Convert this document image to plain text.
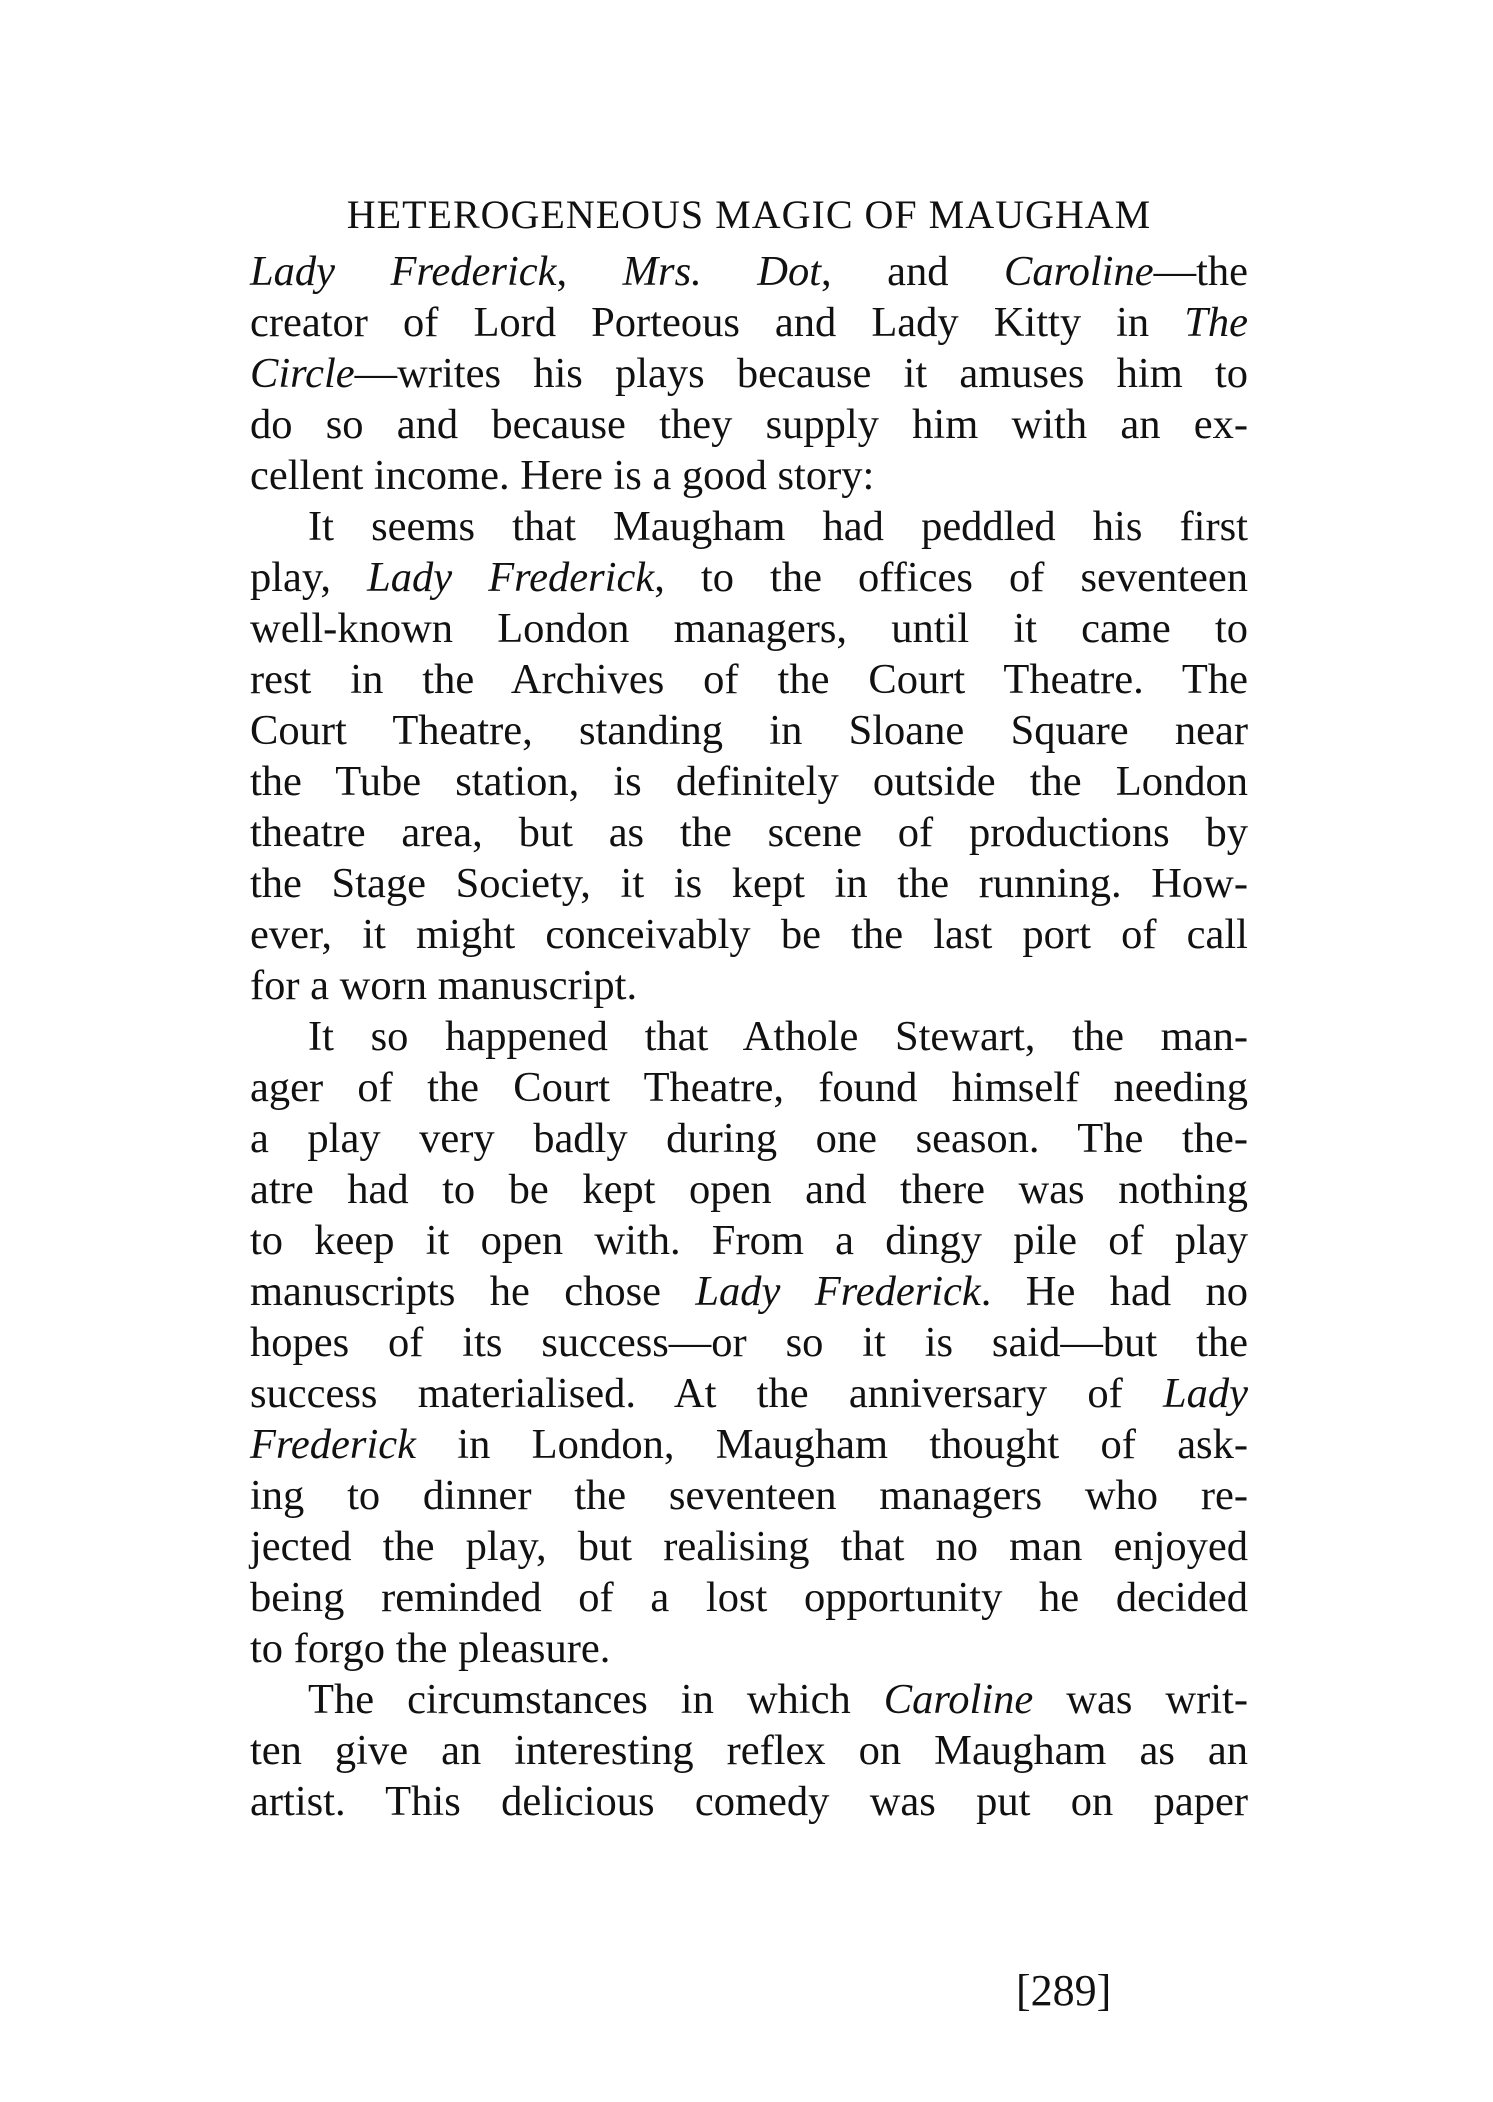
HETEROGENEOUS MAGIC OF MAUGHAM
Lady Frederick, Mrs. Dot, and Caroline—the
creator of Lord Porteous and Lady Kitty in The
Circle—writes his plays because it amuses him to
do so and because they supply him with an ex-
cellent income. Here is a good story:
It seems that Maugham had peddled his first
play, Lady Frederick, to the offices of seventeen
well-known London managers, until it came to
rest in the Archives of the Court Theatre. The
Court Theatre, standing in Sloane Square near
the Tube station, is definitely outside the London
theatre area, but as the scene of productions by
the Stage Society, it is kept in the running. How-
ever, it might conceivably be the last port of call
for a worn manuscript.
It so happened that Athole Stewart, the man-
ager of the Court Theatre, found himself needing
a play very badly during one season. The the-
atre had to be kept open and there was nothing
to keep it open with. From a dingy pile of play
manuscripts he chose Lady Frederick. He had no
hopes of its success—or so it is said—but the
success materialised. At the anniversary of Lady
Frederick in London, Maugham thought of ask-
ing to dinner the seventeen managers who re-
jected the play, but realising that no man enjoyed
being reminded of a lost opportunity he decided
to forgo the pleasure.
The circumstances in which Caroline was writ-
ten give an interesting reflex on Maugham as an
artist. This delicious comedy was put on paper
[289]
